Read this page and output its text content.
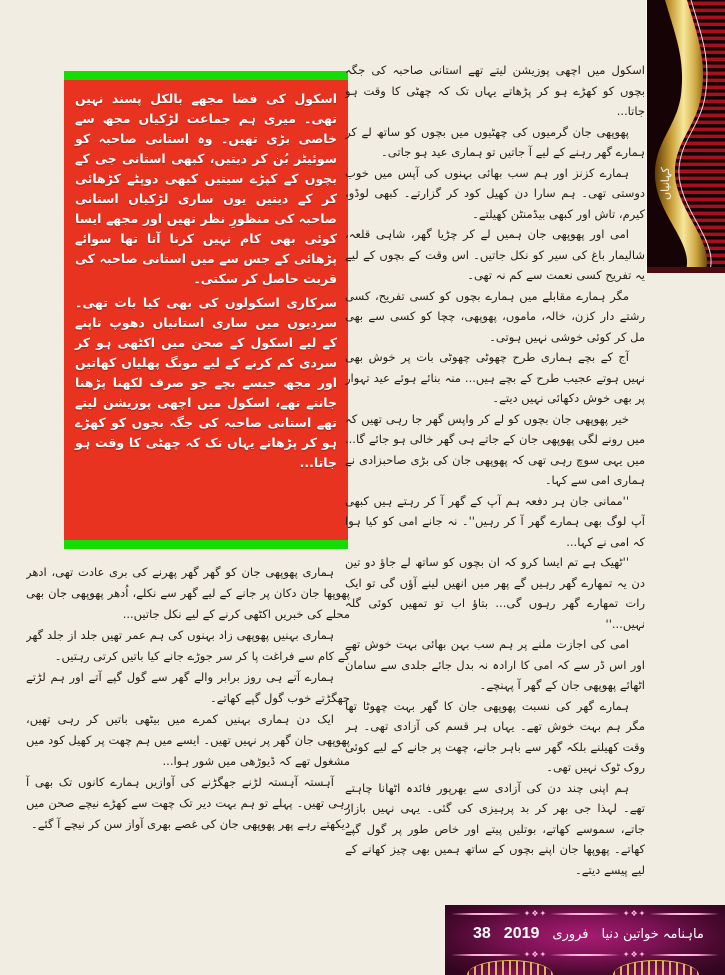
کہانیاں

اسکول کی فضا مجھے بالکل پسند نہیں تھی۔ میری ہم جماعت لڑکیاں مجھ سے خاصی بڑی تھیں۔ وہ استانی صاحبہ کو سوئیٹر بُن کر دیتیں، کبھی استانی جی کے بچوں کے کپڑے سیتیں کبھی دوپٹے کڑھائی کر کے دیتیں یوں ساری لڑکیاں استانی صاحبہ کی منظورِ نظر تھیں اور مجھے ایسا کوئی بھی کام نہیں کرنا آتا تھا سوائے پڑھائی کے جس سے میں استانی صاحبہ کی قربت حاصل کر سکتی۔

سرکاری اسکولوں کی بھی کیا بات تھی۔ سردیوں میں ساری استانیاں دھوپ تاپنے کے لیے اسکول کے صحن میں اکٹھی ہو کر سردی کم کرنے کے لیے مونگ پھلیاں کھاتیں اور مجھ جیسے بچے جو صرف لکھنا پڑھنا جانتے تھے، اسکول میں اچھی پوزیشن لیتے تھے استانی صاحبہ کی جگہ بچوں کو کھڑے ہو کر پڑھاتے یہاں تک کہ چھٹی کا وقت ہو جاتا...

اسکول میں اچھی پوزیشن لیتے تھے استانی صاحبہ کی جگہ بچوں کو کھڑے ہو کر پڑھاتے یہاں تک کہ چھٹی کا وقت ہو جاتا...

پھوپھی جان گرمیوں کی چھٹیوں میں بچوں کو ساتھ لے کر ہمارے گھر رہنے کے لیے آ جاتیں تو ہماری عید ہو جاتی۔

ہمارے کزنز اور ہم سب بھائی بہنوں کی آپس میں خوب دوستی تھی۔ ہم سارا دن کھیل کود کر گزارتے۔ کبھی لوڈو، کیرم، تاش اور کبھی بیڈمنٹن کھیلتے۔

امی اور پھوپھی جان ہمیں لے کر چڑیا گھر، شاہی قلعہ، شالیمار باغ کی سیر کو نکل جاتیں۔ اس وقت کے بچوں کے لیے یہ تفریح کسی نعمت سے کم نہ تھی۔

مگر ہمارے مقابلے میں ہمارے بچوں کو کسی تفریح، کسی رشتے دار کزن، خالہ، ماموں، پھوپھی، چچا کو کسی سے بھی مل کر کوئی خوشی نہیں ہوتی۔

آج کے بچے ہماری طرح چھوٹی چھوٹی بات پر خوش بھی نہیں ہوتے عجیب طرح کے بچے ہیں... منہ بنائے ہوئے عید تہوار پر بھی خوش دکھائی نہیں دیتے۔

خیر پھوپھی جان بچوں کو لے کر واپس گھر جا رہی تھیں کہ میں رونے لگی پھوپھی جان کے جاتے ہی گھر خالی ہو جائے گا... میں یہی سوچ رہی تھی کہ پھوپھی جان کی بڑی صاحبزادی نے ہماری امی سے کہا۔

''ممانی جان ہر دفعہ ہم آپ کے گھر آ کر رہتے ہیں کبھی آپ لوگ بھی ہمارے گھر آ کر رہیں''۔ نہ جانے امی کو کیا ہوا کہ امی نے کہا...

''ٹھیک ہے تم ایسا کرو کہ ان بچوں کو ساتھ لے جاؤ دو تین دن یہ تمھارے گھر رہیں گے پھر میں انھیں لینے آؤں گی تو ایک رات تمھارے گھر رہوں گی... بتاؤ اب تو تمھیں کوئی گلہ نہیں...''

امی کی اجازت ملنے پر ہم سب بہن بھائی بہت خوش تھے اور اس ڈر سے کہ امی کا ارادہ نہ بدل جائے جلدی سے سامان اٹھائے پھوپھی جان کے گھر آ پہنچے۔

ہمارے گھر کی نسبت پھوپھی جان کا گھر بہت چھوٹا تھا مگر ہم بہت خوش تھے۔ یہاں ہر قسم کی آزادی تھی۔ ہر وقت کھیلنے بلکہ گھر سے باہر جانے، چھت پر جانے کے لیے کوئی روک ٹوک نہیں تھی۔

ہم اپنی چند دن کی آزادی سے بھرپور فائدہ اٹھانا چاہتے تھے۔ لہذا جی بھر کر بد پرہیزی کی گئی۔ یہی نہیں بازار جاتے، سموسے کھاتے، بوتلیں پیتے اور خاص طور پر گول گپے کھاتے۔ پھوپھا جان اپنے بچوں کے ساتھ ہمیں بھی چیز کھانے کے لیے پیسے دیتے۔

ہماری پھوپھی جان کو گھر گھر پھرنے کی بری عادت تھی، ادھر پھوپھا جان دکان پر جانے کے لیے گھر سے نکلے، اُدھر پھوپھی جان بھی محلے کی خبریں اکٹھی کرنے کے لیے نکل جاتیں...

ہماری بہنیں پھوپھی زاد بہنوں کی ہم عمر تھیں جلد از جلد گھر کے کام سے فراغت پا کر سر جوڑے جانے کیا باتیں کرتی رہتیں۔

ہمارے آتے ہی روز برابر والے گھر سے گول گپے آتے اور ہم لڑتے جھگڑتے خوب گول گپے کھاتے۔

ایک دن ہماری بہنیں کمرے میں بیٹھی باتیں کر رہی تھیں، پھوپھی جان گھر پر نہیں تھیں۔ ایسے میں ہم چھت پر کھیل کود میں مشغول تھے کہ ڈیوڑھی میں شور ہوا...

آہستہ آہستہ لڑنے جھگڑنے کی آوازیں ہمارے کانوں تک بھی آ رہی تھیں۔ پہلے تو ہم بہت دیر تک چھت سے کھڑے نیچے صحن میں دیکھتے رہے پھر پھوپھی جان کی غصے بھری آواز سن کر نیچے آ گئے۔

✦❖✦	✦❖✦
38 2019 فروری ماہنامہ خواتین دنیا
✦❖✦	✦❖✦
